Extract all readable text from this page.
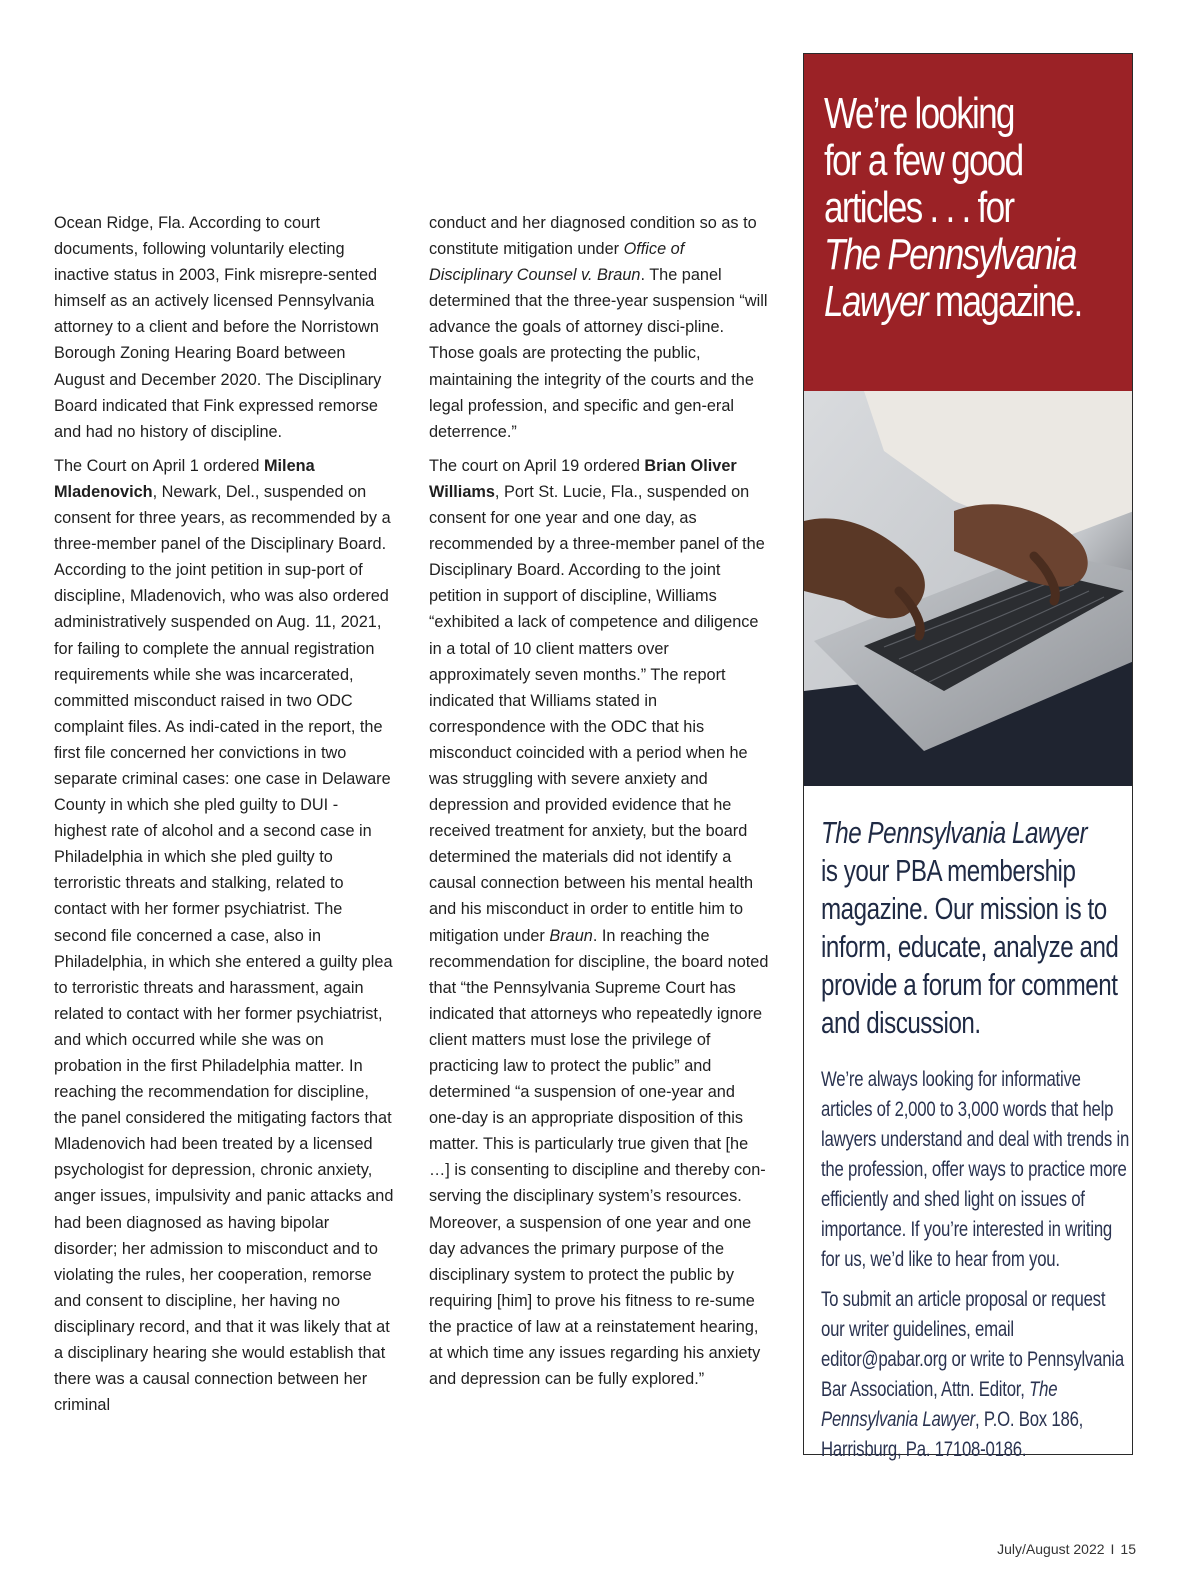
Ocean Ridge, Fla. According to court documents, following voluntarily electing inactive status in 2003, Fink misrepre-sented himself as an actively licensed Pennsylvania attorney to a client and before the Norristown Borough Zoning Hearing Board between August and December 2020. The Disciplinary Board indicated that Fink expressed remorse and had no history of discipline.

The Court on April 1 ordered Milena Mladenovich, Newark, Del., suspended on consent for three years, as recommended by a three-member panel of the Disciplinary Board. According to the joint petition in sup-port of discipline, Mladenovich, who was also ordered administratively suspended on Aug. 11, 2021, for failing to complete the annual registration requirements while she was incarcerated, committed misconduct raised in two ODC complaint files. As indi-cated in the report, the first file concerned her convictions in two separate criminal cases: one case in Delaware County in which she pled guilty to DUI - highest rate of alcohol and a second case in Philadelphia in which she pled guilty to terroristic threats and stalking, related to contact with her former psychiatrist. The second file concerned a case, also in Philadelphia, in which she entered a guilty plea to terroristic threats and harassment, again related to contact with her former psychiatrist, and which occurred while she was on probation in the first Philadelphia matter. In reaching the recommendation for discipline, the panel considered the mitigating factors that Mladenovich had been treated by a licensed psychologist for depression, chronic anxiety, anger issues, impulsivity and panic attacks and had been diagnosed as having bipolar disorder; her admission to misconduct and to violating the rules, her cooperation, remorse and consent to discipline, her having no disciplinary record, and that it was likely that at a disciplinary hearing she would establish that there was a causal connection between her criminal

conduct and her diagnosed condition so as to constitute mitigation under Office of Disciplinary Counsel v. Braun. The panel determined that the three-year suspension “will advance the goals of attorney disci-pline. Those goals are protecting the public, maintaining the integrity of the courts and the legal profession, and specific and gen-eral deterrence.”

The court on April 19 ordered Brian Oliver Williams, Port St. Lucie, Fla., suspended on consent for one year and one day, as recommended by a three-member panel of the Disciplinary Board. According to the joint petition in support of discipline, Williams “exhibited a lack of competence and diligence in a total of 10 client matters over approximately seven months.” The report indicated that Williams stated in correspondence with the ODC that his misconduct coincided with a period when he was struggling with severe anxiety and depression and provided evidence that he received treatment for anxiety, but the board determined the materials did not identify a causal connection between his mental health and his misconduct in order to entitle him to mitigation under Braun. In reaching the recommendation for discipline, the board noted that “the Pennsylvania Supreme Court has indicated that attorneys who repeatedly ignore client matters must lose the privilege of practicing law to protect the public” and determined “a suspension of one-year and one-day is an appropriate disposition of this matter. This is particularly true given that [he …] is consenting to discipline and thereby con-serving the disciplinary system’s resources. Moreover, a suspension of one year and one day advances the primary purpose of the disciplinary system to protect the public by requiring [him] to prove his fitness to re-sume the practice of law at a reinstatement hearing, at which time any issues regarding his anxiety and depression can be fully explored.”

We’re looking
for a few good
articles . . . for
The Pennsylvania
Lawyer magazine.

The Pennsylvania Lawyer
is your PBA membership magazine. Our mission is to inform, educate, analyze and provide a forum for comment and discussion.

We’re always looking for informative articles of 2,000 to 3,000 words that help lawyers understand and deal with trends in the profession, offer ways to practice more efficiently and shed light on issues of importance. If you’re interested in writing for us, we’d like to hear from you.

To submit an article proposal or request our writer guidelines, email editor@pabar.org or write to Pennsylvania Bar Association, Attn. Editor, The Pennsylvania Lawyer, P.O. Box 186, Harrisburg, Pa. 17108-0186.

July/August 2022 I 15
